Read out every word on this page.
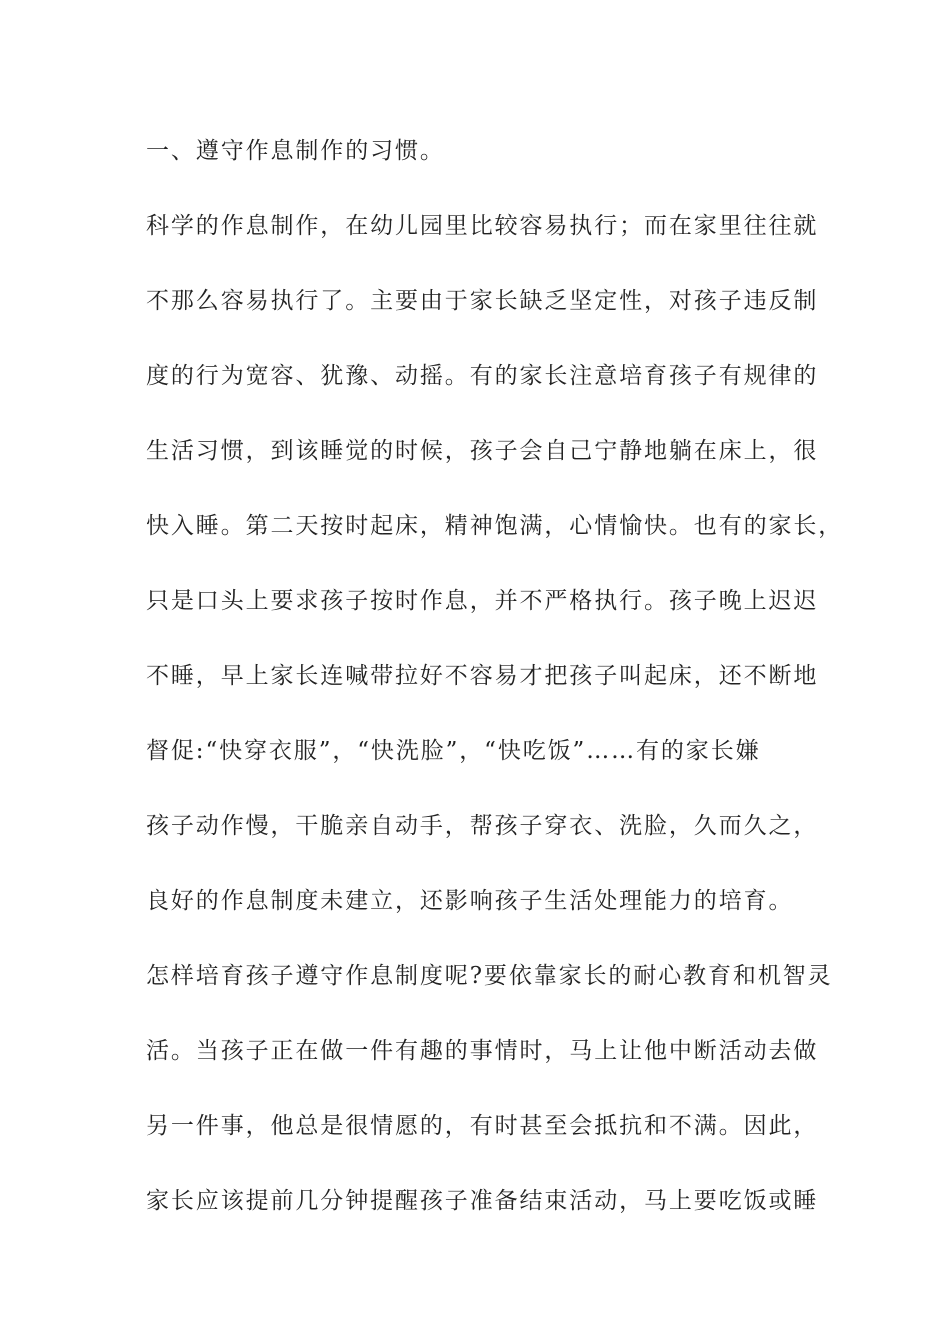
一、遵守作息制作的习惯。

科学的作息制作，在幼儿园里比较容易执行；而在家里往往就

不那么容易执行了。主要由于家长缺乏坚定性，对孩子违反制

度的行为宽容、犹豫、动摇。有的家长注意培育孩子有规律的

生活习惯，到该睡觉的时候，孩子会自己宁静地躺在床上，很

快入睡。第二天按时起床，精神饱满，心情愉快。也有的家长，

只是口头上要求孩子按时作息，并不严格执行。孩子晚上迟迟

不睡，早上家长连喊带拉好不容易才把孩子叫起床，还不断地

督促:“快穿衣服”，“快洗脸”，“快吃饭”……有的家长嫌

孩子动作慢，干脆亲自动手，帮孩子穿衣、洗脸，久而久之，

良好的作息制度未建立，还影响孩子生活处理能力的培育。

怎样培育孩子遵守作息制度呢?要依靠家长的耐心教育和机智灵

活。当孩子正在做一件有趣的事情时，马上让他中断活动去做

另一件事，他总是很情愿的，有时甚至会抵抗和不满。因此，

家长应该提前几分钟提醒孩子准备结束活动，马上要吃饭或睡
